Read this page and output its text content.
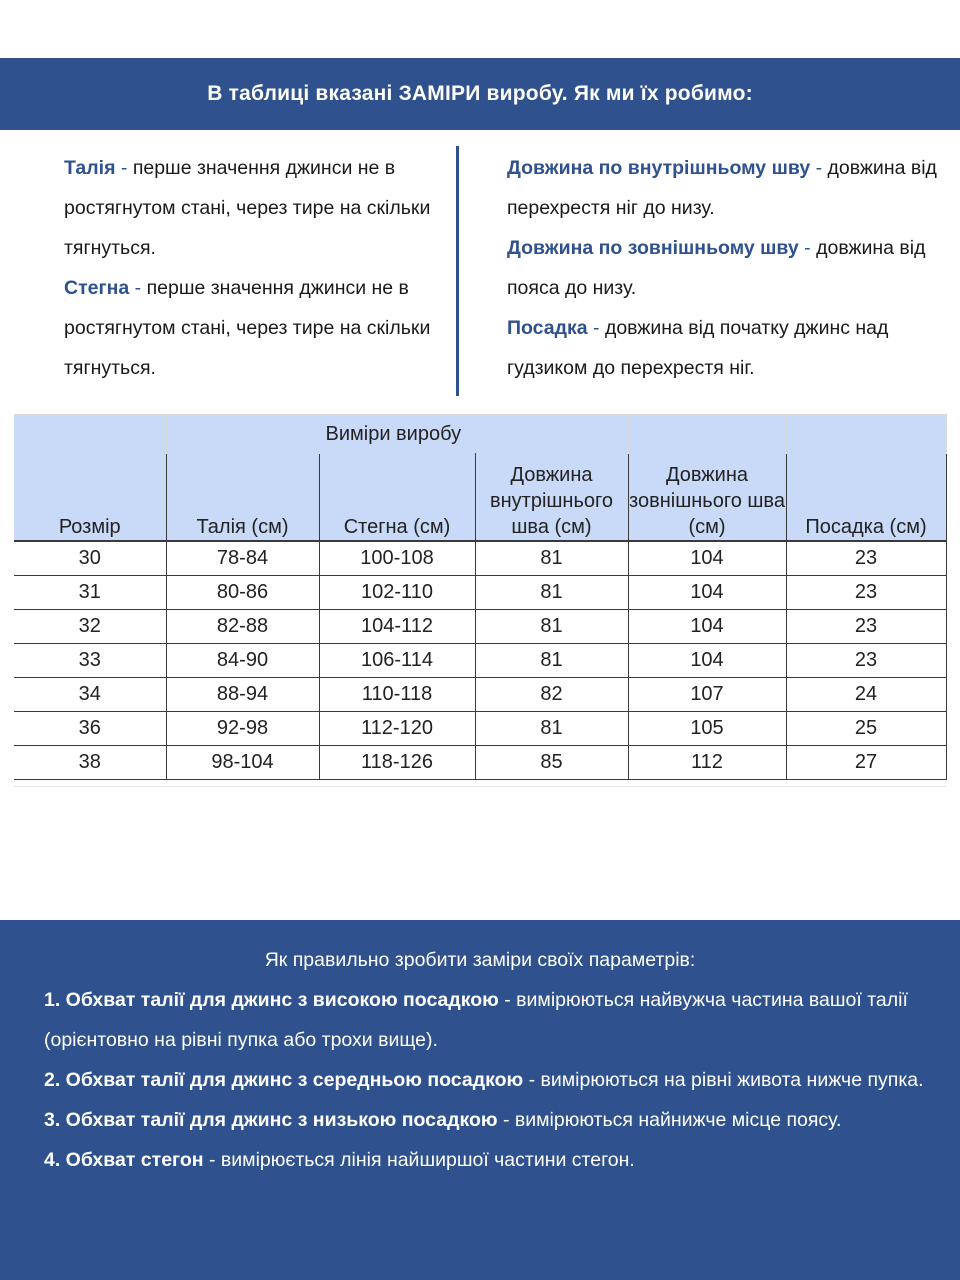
В таблиці вказані ЗАМІРИ виробу. Як ми їх робимо:

Талія - перше значення джинси не в ростягнутом стані, через тире на скільки тягнуться.

Стегна - перше значення джинси не в ростягнутом стані, через тире на скільки тягнуться.

Довжина по внутрішньому шву - довжина від перехрестя ніг до низу.

Довжина по зовнішньому шву - довжина від пояса до низу.

Посадка - довжина від початку джинс над гудзиком до перехрестя ніг.

		Виміри виробу			
Розмір	Талія (см)	Стегна (см)	Довжина внутрішнього шва (см)	Довжина зовнішнього шва (см)	Посадка (см)
30	78-84	100-108	81	104	23
31	80-86	102-110	81	104	23
32	82-88	104-112	81	104	23
33	84-90	106-114	81	104	23
34	88-94	110-118	82	107	24
36	92-98	112-120	81	105	25
38	98-104	118-126	85	112	27
Як правильно зробити заміри своїх параметрів:

1. Обхват талії для джинс з високою посадкою - вимірюються найвужча частина вашої талії (орієнтовно на рівні пупка або трохи вище).

2. Обхват талії для джинс з середньою посадкою - вимірюються на рівні живота нижче пупка.

3. Обхват талії для джинс з низькою посадкою - вимірюються найнижче місце поясу.

4. Обхват стегон - вимірюється лінія найширшої частини стегон.
